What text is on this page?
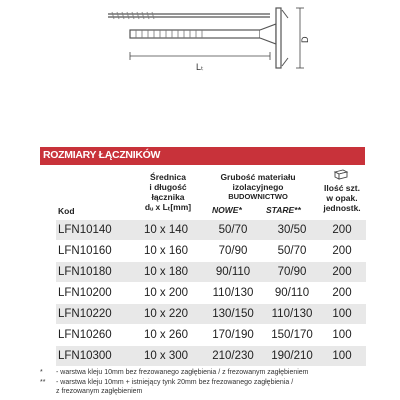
D
Lₜ
ROZMIARY ŁĄCZNIKÓW
Średnica
i długość
łącznika
dᵤ x Lₜ[mm]
Grubość materiału
izolacyjnego
BUDOWNICTWO
NOWE*	STARE**
Ilość szt.
w opak.
jednostk.
Kod
LFN10140	10 x 140	50/70	30/50	200
LFN10160	10 x 160	70/90	50/70	200
LFN10180	10 x 180	90/110	70/90	200
LFN10200	10 x 200	110/130	90/110	200
LFN10220	10 x 220	130/150	110/130	100
LFN10260	10 x 260	170/190	150/170	100
LFN10300	10 x 300	210/230	190/210	100
* - warstwa kleju 10mm bez frezowanego zagłębienia / z frezowanym zagłębieniem
** - warstwa kleju 10mm + istniejący tynk 20mm bez frezowanego zagłębienia /
z frezowanym zagłębieniem
